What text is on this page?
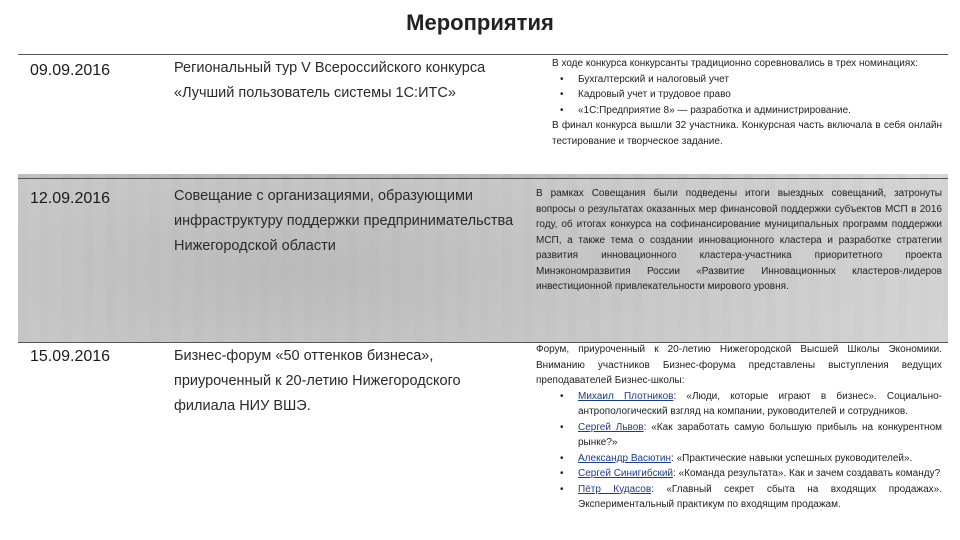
Мероприятия
09.09.2016	Региональный тур V Всероссийского конкурса «Лучший пользователь системы 1С:ИТС»

В ходе конкурса конкурсанты традиционно соревновались в трех номинациях:

• Бухгалтерский и налоговый учет
• Кадровый учет и трудовое право
• «1С:Предприятие 8» — разработка и администрирование.

В финал конкурса вышли 32 участника. Конкурсная часть включала в себя онлайн тестирование и творческое задание.

12.09.2016	Совещание с организациями, образующими инфраструктуру поддержки предпринимательства Нижегородской области

В рамках Совещания были подведены итоги выездных совещаний, затронуты вопросы о результатах оказанных мер финансовой поддержки субъектов МСП в 2016 году, об итогах конкурса на софинансирование муниципальных программ поддержки МСП, а также тема о создании инновационного кластера и разработке стратегии развития инновационного кластера-участника приоритетного проекта Минэкономразвития России «Развитие Инновационных кластеров-лидеров инвестиционной привлекательности мирового уровня.

15.09.2016	Бизнес-форум «50 оттенков бизнеса», приуроченный к 20-летию Нижегородского филиала НИУ ВШЭ.

Форум, приуроченный к 20-летию Нижегородской Высшей Школы Экономики. Вниманию участников Бизнес-форума представлены выступления ведущих преподавателей Бизнес-школы:

• Михаил Плотников: «Люди, которые играют в бизнес». Социально-антропологический взгляд на компании, руководителей и сотрудников.
• Сергей Львов: «Как заработать самую большую прибыль на конкурентном рынке?»
• Александр Васютин: «Практические навыки успешных руководителей».
• Сергей Синигибский: «Команда результата». Как и зачем создавать команду?
• Пётр Кудасов: «Главный секрет сбыта на входящих продажах». Экспериментальный практикум по входящим продажам.
